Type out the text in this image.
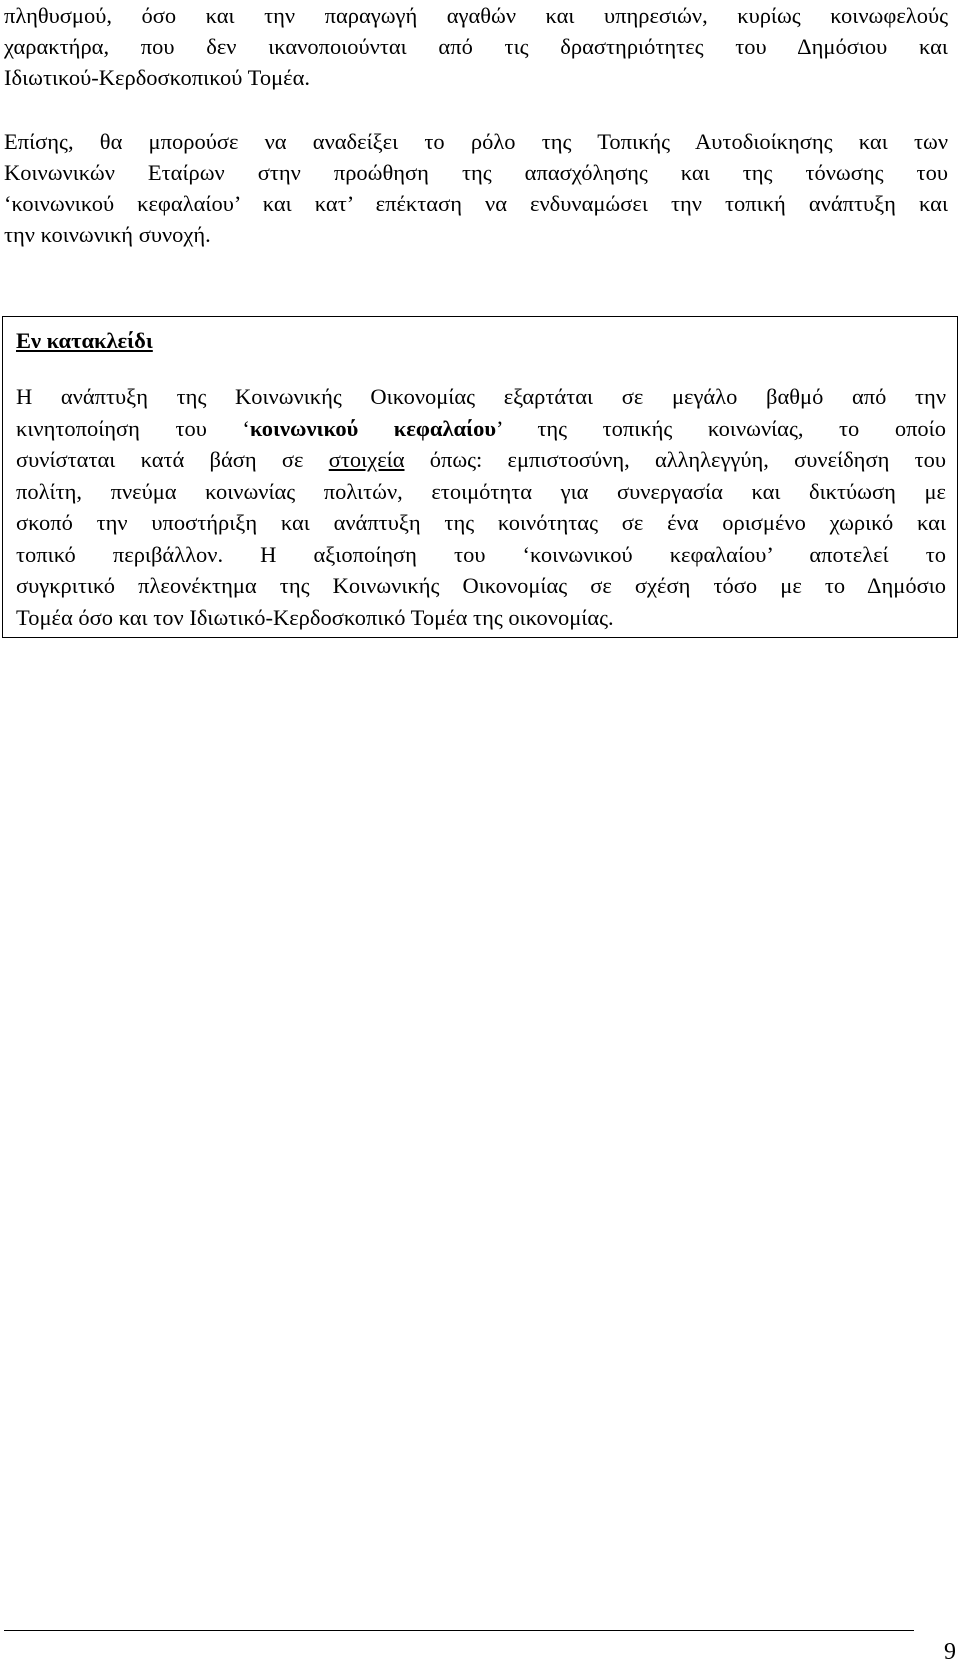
πληθυσμού, όσο και την παραγωγή αγαθών και υπηρεσιών, κυρίως κοινωφελούς
χαρακτήρα, που δεν ικανοποιούνται από τις δραστηριότητες του Δημόσιου και
Ιδιωτικού-Κερδοσκοπικού Τομέα.
Επίσης, θα μπορούσε να αναδείξει το ρόλο της Τοπικής Αυτοδιοίκησης και των
Κοινωνικών Εταίρων στην προώθηση της απασχόλησης και της τόνωσης του
‘κοινωνικού κεφαλαίου’ και κατ’ επέκταση να ενδυναμώσει την τοπική ανάπτυξη και
την κοινωνική συνοχή.
Εν κατακλείδι
Η ανάπτυξη της Κοινωνικής Οικονομίας εξαρτάται σε μεγάλο βαθμό από την
κινητοποίηση του ‘κοινωνικού κεφαλαίου’ της τοπικής κοινωνίας, το οποίο
συνίσταται κατά βάση σε στοιχεία όπως: εμπιστοσύνη, αλληλεγγύη, συνείδηση του
πολίτη, πνεύμα κοινωνίας πολιτών, ετοιμότητα για συνεργασία και δικτύωση με
σκοπό την υποστήριξη και ανάπτυξη της κοινότητας σε ένα ορισμένο χωρικό και
τοπικό περιβάλλον. Η αξιοποίηση του ‘κοινωνικού κεφαλαίου’ αποτελεί το
συγκριτικό πλεονέκτημα της Κοινωνικής Οικονομίας σε σχέση τόσο με το Δημόσιο
Τομέα όσο και τον Ιδιωτικό-Κερδοσκοπικό Τομέα της οικονομίας.
9
